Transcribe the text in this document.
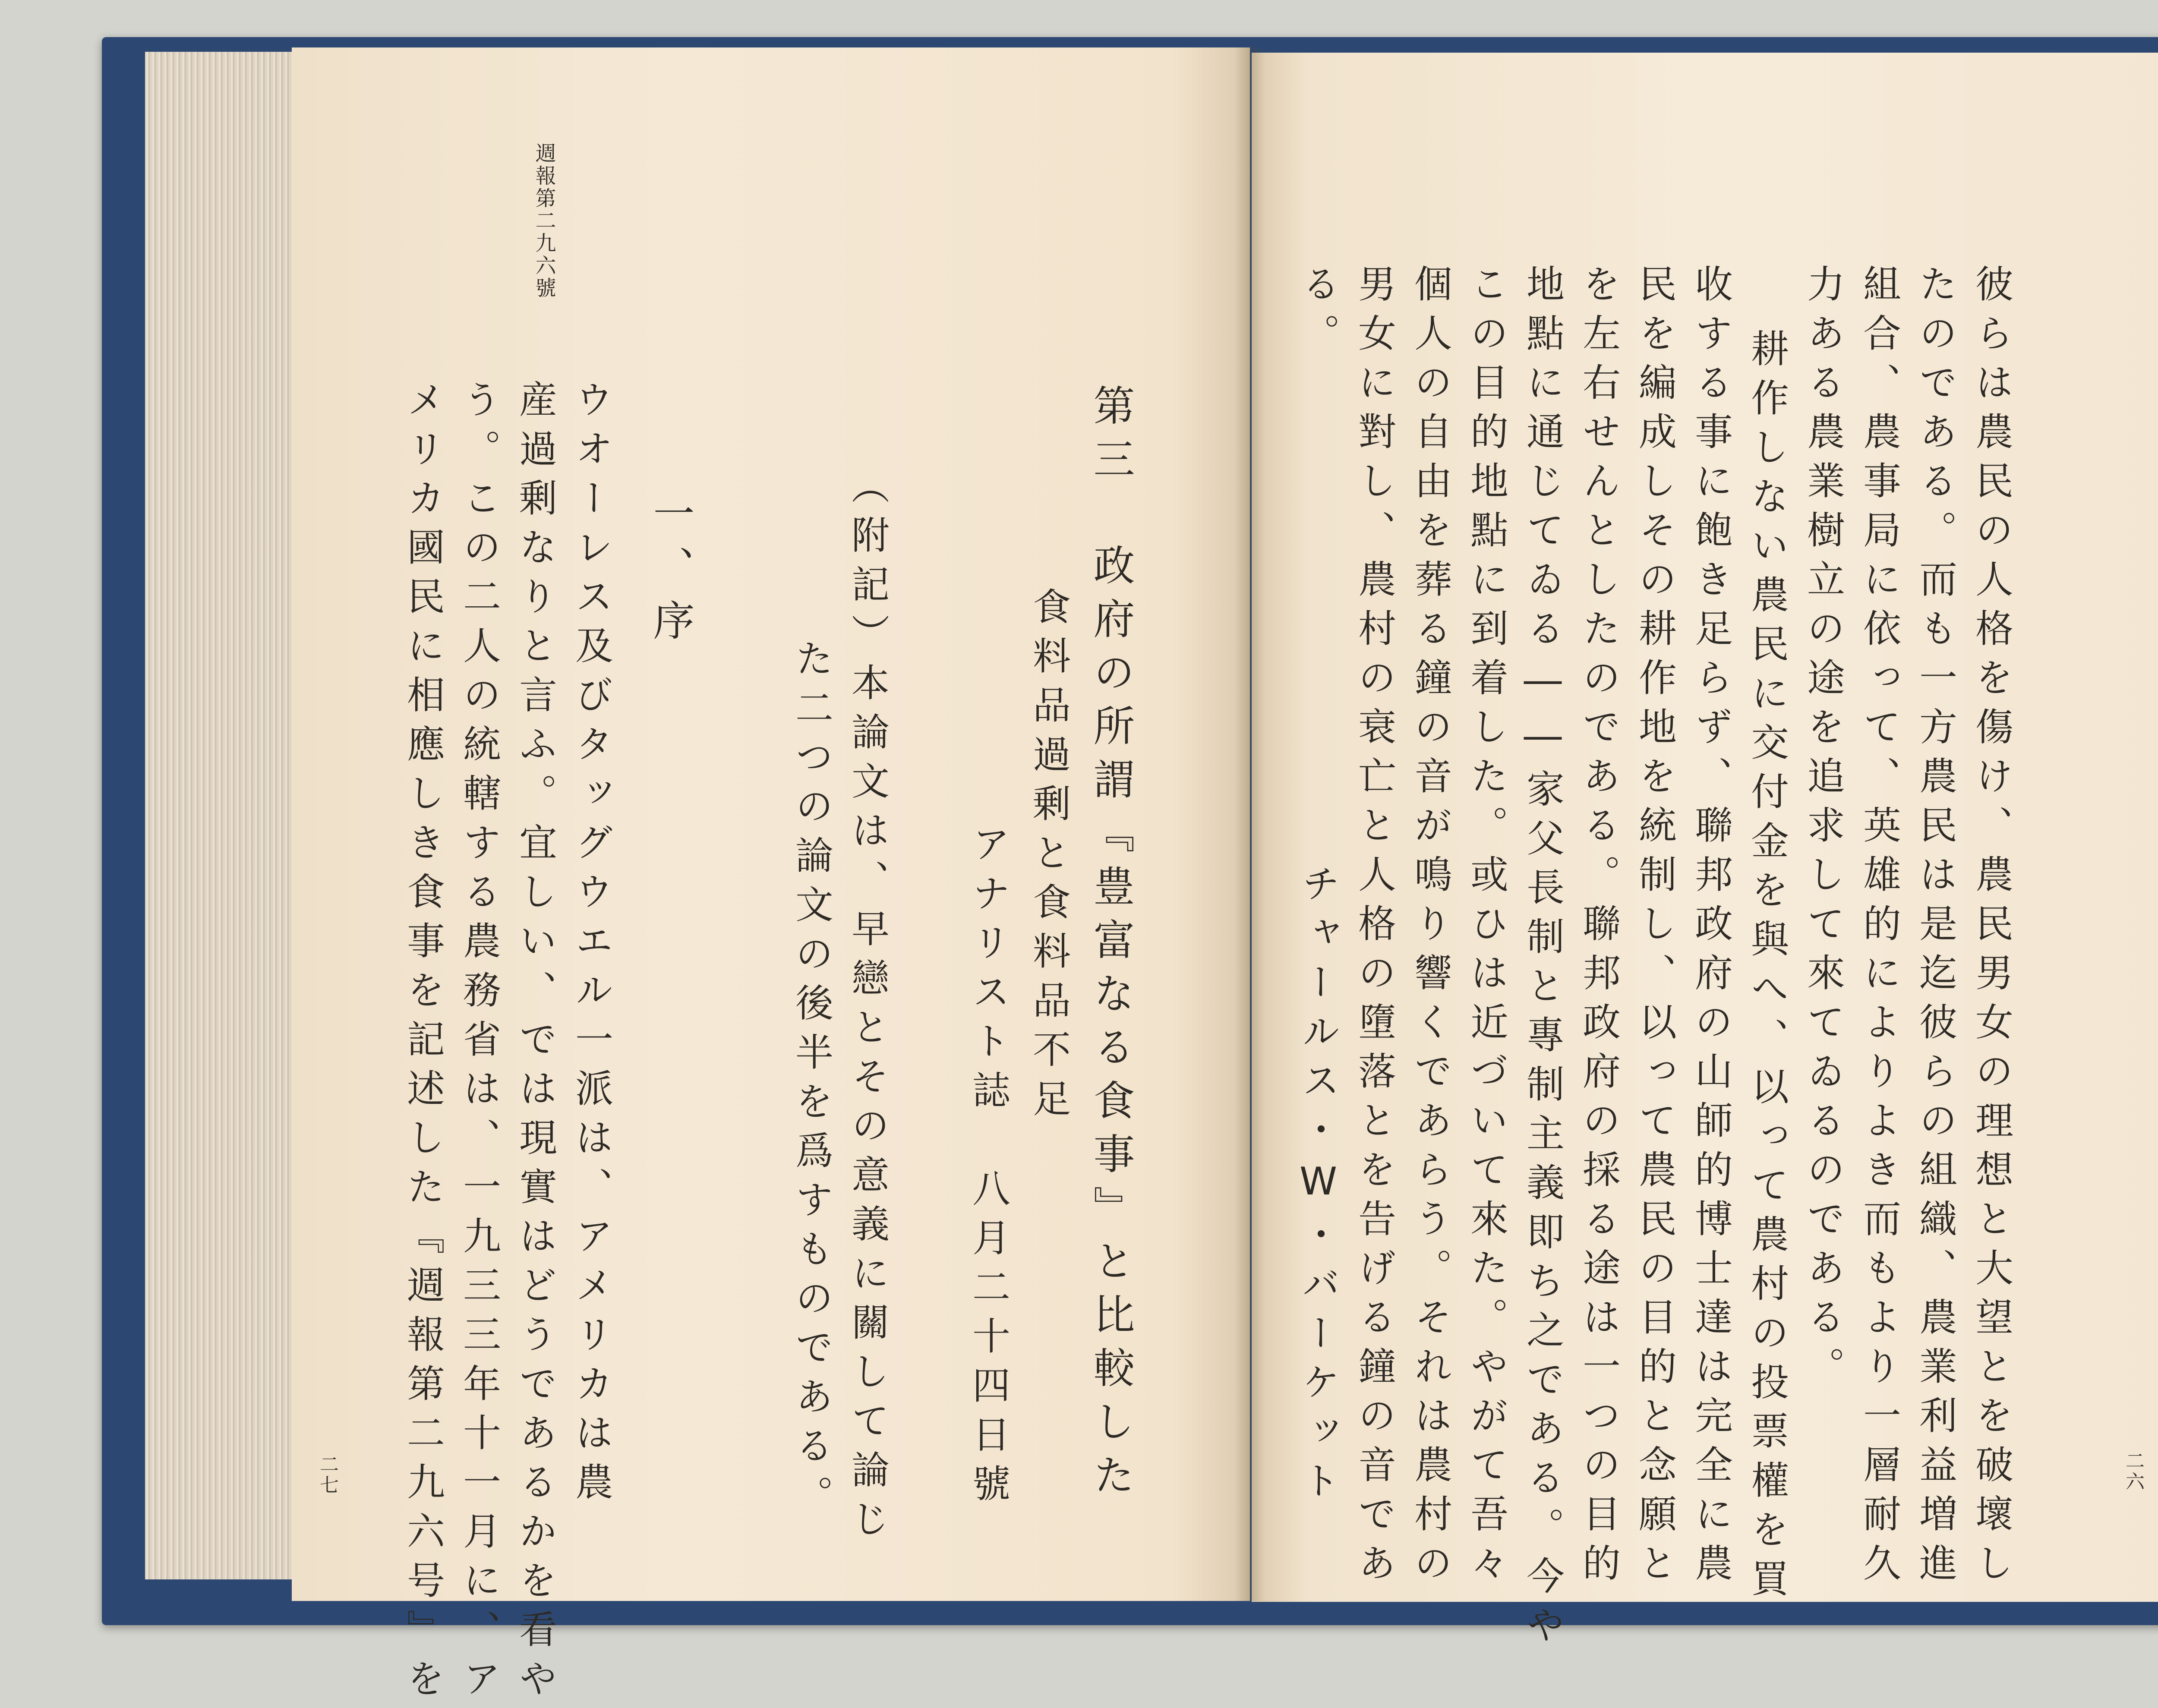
週報第二九六號
第三
政府の所謂『豊富なる食事』と比較した
食料品過剰と食料品不足
アナリスト誌　八月二十四日號
（附記）本論文は、早戀とその意義に關して論じ
た二つの論文の後半を爲すものである。
一、序
ウオーレス及びタッグウエル一派は、アメリカは農
産過剰なりと言ふ。宜しい、では現實はどうであるかを看や
う。この二人の統轄する農務省は、一九三三年十一月に、ア
メリカ國民に相應しき食事を記述した『週報第二九六号』を
二七	彼らは農民の人格を傷け、農民男女の理想と大望とを破壞し
たのである。而も一方農民は是迄彼らの組織、農業利益増進
組合、農事局に依って、英雄的によりよき而もより一層耐久
力ある農業樹立の途を追求して來てゐるのである。
耕作しない農民に交付金を與へ、以って農村の投票權を買
收する事に飽き足らず、聯邦政府の山師的博士達は完全に農
民を編成しその耕作地を統制し、以って農民の目的と念願と
を左右せんとしたのである。聯邦政府の採る途は一つの目的
地點に通じてゐる――家父長制と專制主義即ち之である。今や
この目的地點に到着した。或ひは近づいて來た。やがて吾々
個人の自由を葬る鐘の音が鳴り響くであらう。それは農村の
男女に對し、農村の衰亡と人格の墮落とを告げる鐘の音であ
る。
チャールス・W・バーケット	二六
